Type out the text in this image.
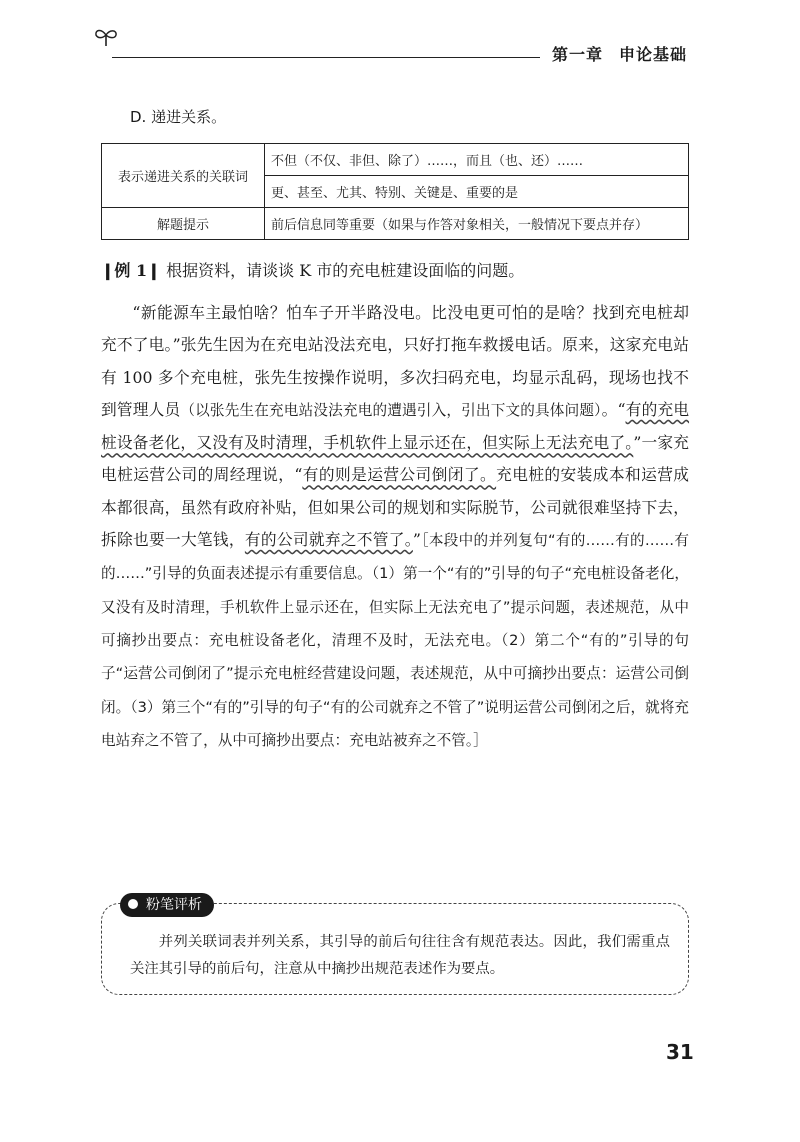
第一章 申论基础
D. 递进关系。
表示递进关系的关联词	不但（不仅、非但、除了）……，而且（也、还）……
	更、甚至、尤其、特别、关键是、重要的是
解题提示	前后信息同等重要（如果与作答对象相关，一般情况下要点并存）
❙例 1❙ 根据资料，请谈谈 K 市的充电桩建设面临的问题。
“新能源车主最怕啥？怕车子开半路没电。比没电更可怕的是啥？找到充电桩却充不了电。”张先生因为在充电站没法充电，只好打拖车救援电话。原来，这家充电站有 100 多个充电桩，张先生按操作说明，多次扫码充电，均显示乱码，现场也找不到管理人员（以张先生在充电站没法充电的遭遇引入，引出下文的具体问题）。“有的充电桩设备老化，又没有及时清理，手机软件上显示还在，但实际上无法充电了。”一家充电桩运营公司的周经理说，“有的则是运营公司倒闭了。充电桩的安装成本和运营成本都很高，虽然有政府补贴，但如果公司的规划和实际脱节，公司就很难坚持下去，拆除也要一大笔钱，有的公司就弃之不管了。”［本段中的并列复句“有的……有的……有的……”引导的负面表述提示有重要信息。（1）第一个“有的”引导的句子“充电桩设备老化，又没有及时清理，手机软件上显示还在，但实际上无法充电了”提示问题，表述规范，从中可摘抄出要点：充电桩设备老化，清理不及时，无法充电。（2）第二个“有的”引导的句子“运营公司倒闭了”提示充电桩经营建设问题，表述规范，从中可摘抄出要点：运营公司倒闭。（3）第三个“有的”引导的句子“有的公司就弃之不管了”说明运营公司倒闭之后，就将充电站弃之不管了，从中可摘抄出要点：充电站被弃之不管。］
粉笔评析
并列关联词表并列关系，其引导的前后句往往含有规范表达。因此，我们需重点关注其引导的前后句，注意从中摘抄出规范表述作为要点。
31
